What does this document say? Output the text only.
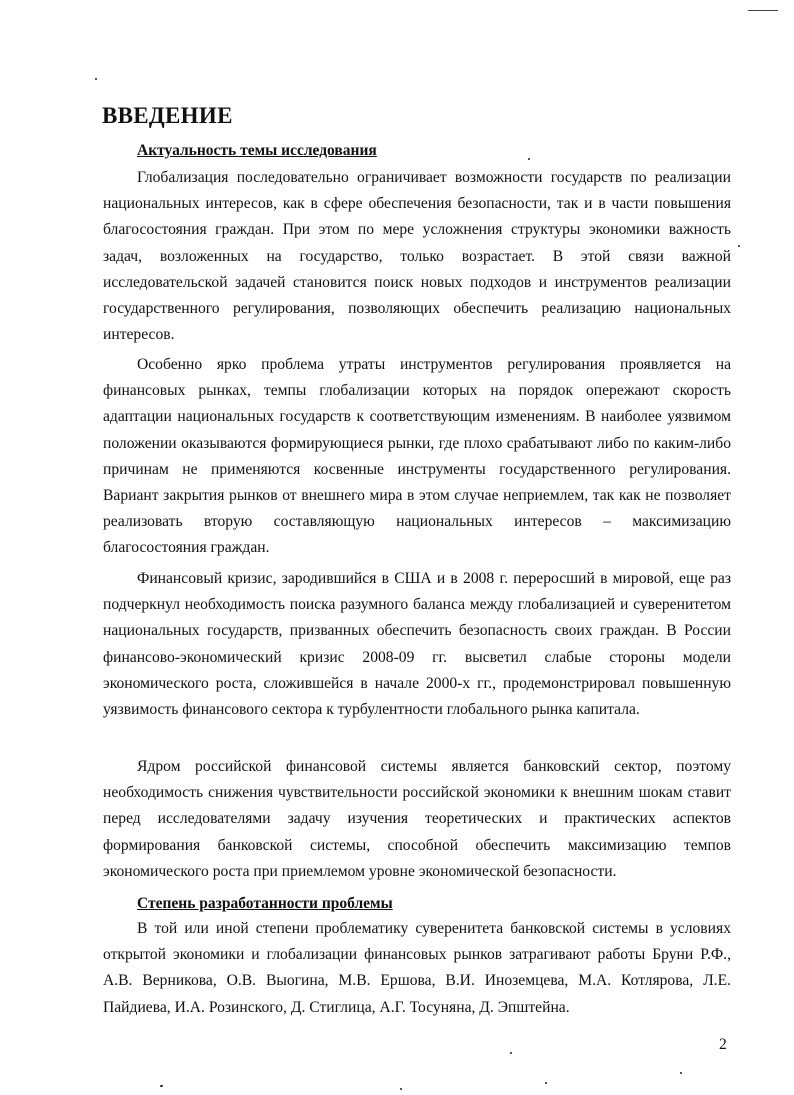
ВВЕДЕНИЕ
Актуальность темы исследования

Глобализация последовательно ограничивает возможности государств по реализации национальных интересов, как в сфере обеспечения безопасности, так и в части повышения благосостояния граждан. При этом по мере усложнения структуры экономики важность задач, возложенных на государство, только возрастает. В этой связи важной исследовательской задачей становится поиск новых подходов и инструментов реализации государственного регулирования, позволяющих обеспечить реализацию национальных интересов.

Особенно ярко проблема утраты инструментов регулирования проявляется на финансовых рынках, темпы глобализации которых на порядок опережают скорость адаптации национальных государств к соответствующим изменениям. В наиболее уязвимом положении оказываются формирующиеся рынки, где плохо срабатывают либо по каким-либо причинам не применяются косвенные инструменты государственного регулирования. Вариант закрытия рынков от внешнего мира в этом случае неприемлем, так как не позволяет реализовать вторую составляющую национальных интересов – максимизацию благосостояния граждан.

Финансовый кризис, зародившийся в США и в 2008 г. переросший в мировой, еще раз подчеркнул необходимость поиска разумного баланса между глобализацией и суверенитетом национальных государств, призванных обеспечить безопасность своих граждан. В России финансово-экономический кризис 2008-09 гг. высветил слабые стороны модели экономического роста, сложившейся в начале 2000-х гг., продемонстрировал повышенную уязвимость финансового сектора к турбулентности глобального рынка капитала.

Ядром российской финансовой системы является банковский сектор, поэтому необходимость снижения чувствительности российской экономики к внешним шокам ставит перед исследователями задачу изучения теоретических и практических аспектов формирования банковской системы, способной обеспечить максимизацию темпов экономического роста при приемлемом уровне экономической безопасности.

Степень разработанности проблемы

В той или иной степени проблематику суверенитета банковской системы в условиях открытой экономики и глобализации финансовых рынков затрагивают работы Бруни Р.Ф., А.В. Верникова, О.В. Выогина, М.В. Ершова, В.И. Иноземцева, М.А. Котлярова, Л.Е. Пайдиева, И.А. Розинского, Д. Стиглица, А.Г. Тосуняна, Д. Эпштейна.

2
